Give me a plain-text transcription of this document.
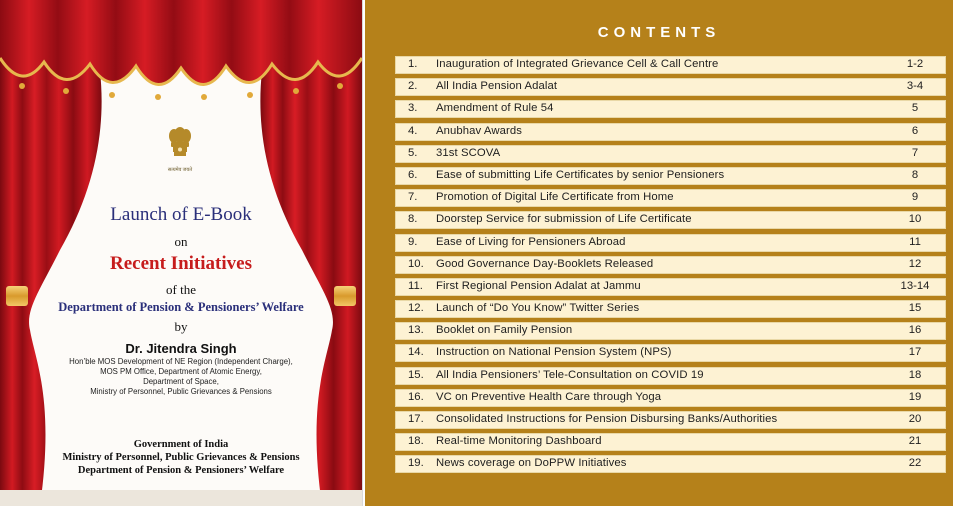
सत्यमेव जयते
Launch of E-Book
on
Recent Initiatives
of the
Department of Pension & Pensioners’ Welfare
by
Dr. Jitendra Singh
Hon’ble MOS Development of NE Region (Independent Charge),
MOS PM Office, Department of Atomic Energy,
Department of Space,
Ministry of Personnel, Public Grievances & Pensions
Government of India
Ministry of Personnel, Public Grievances & Pensions
Department of Pension & Pensioners’ Welfare
CONTENTS
1. Inauguration of Integrated Grievance Cell & Call Centre	1-2
2. All India Pension Adalat	3-4
3. Amendment of Rule 54	5
4. Anubhav Awards	6
5. 31st SCOVA	7
6. Ease of submitting Life Certificates by senior Pensioners	8
7. Promotion of Digital Life Certificate from Home	9
8. Doorstep Service for submission of Life Certificate	10
9. Ease of Living for Pensioners Abroad	11
10. Good Governance Day-Booklets Released	12
11. First Regional Pension Adalat at Jammu	13-14
12. Launch of “Do You Know” Twitter Series	15
13. Booklet on Family Pension	16
14. Instruction on National Pension System (NPS)	17
15. All India Pensioners’ Tele-Consultation on COVID 19	18
16. VC on Preventive Health Care through Yoga	19
17. Consolidated Instructions for Pension Disbursing Banks/Authorities	20
18. Real-time Monitoring Dashboard	21
19. News coverage on DoPPW Initiatives	22
